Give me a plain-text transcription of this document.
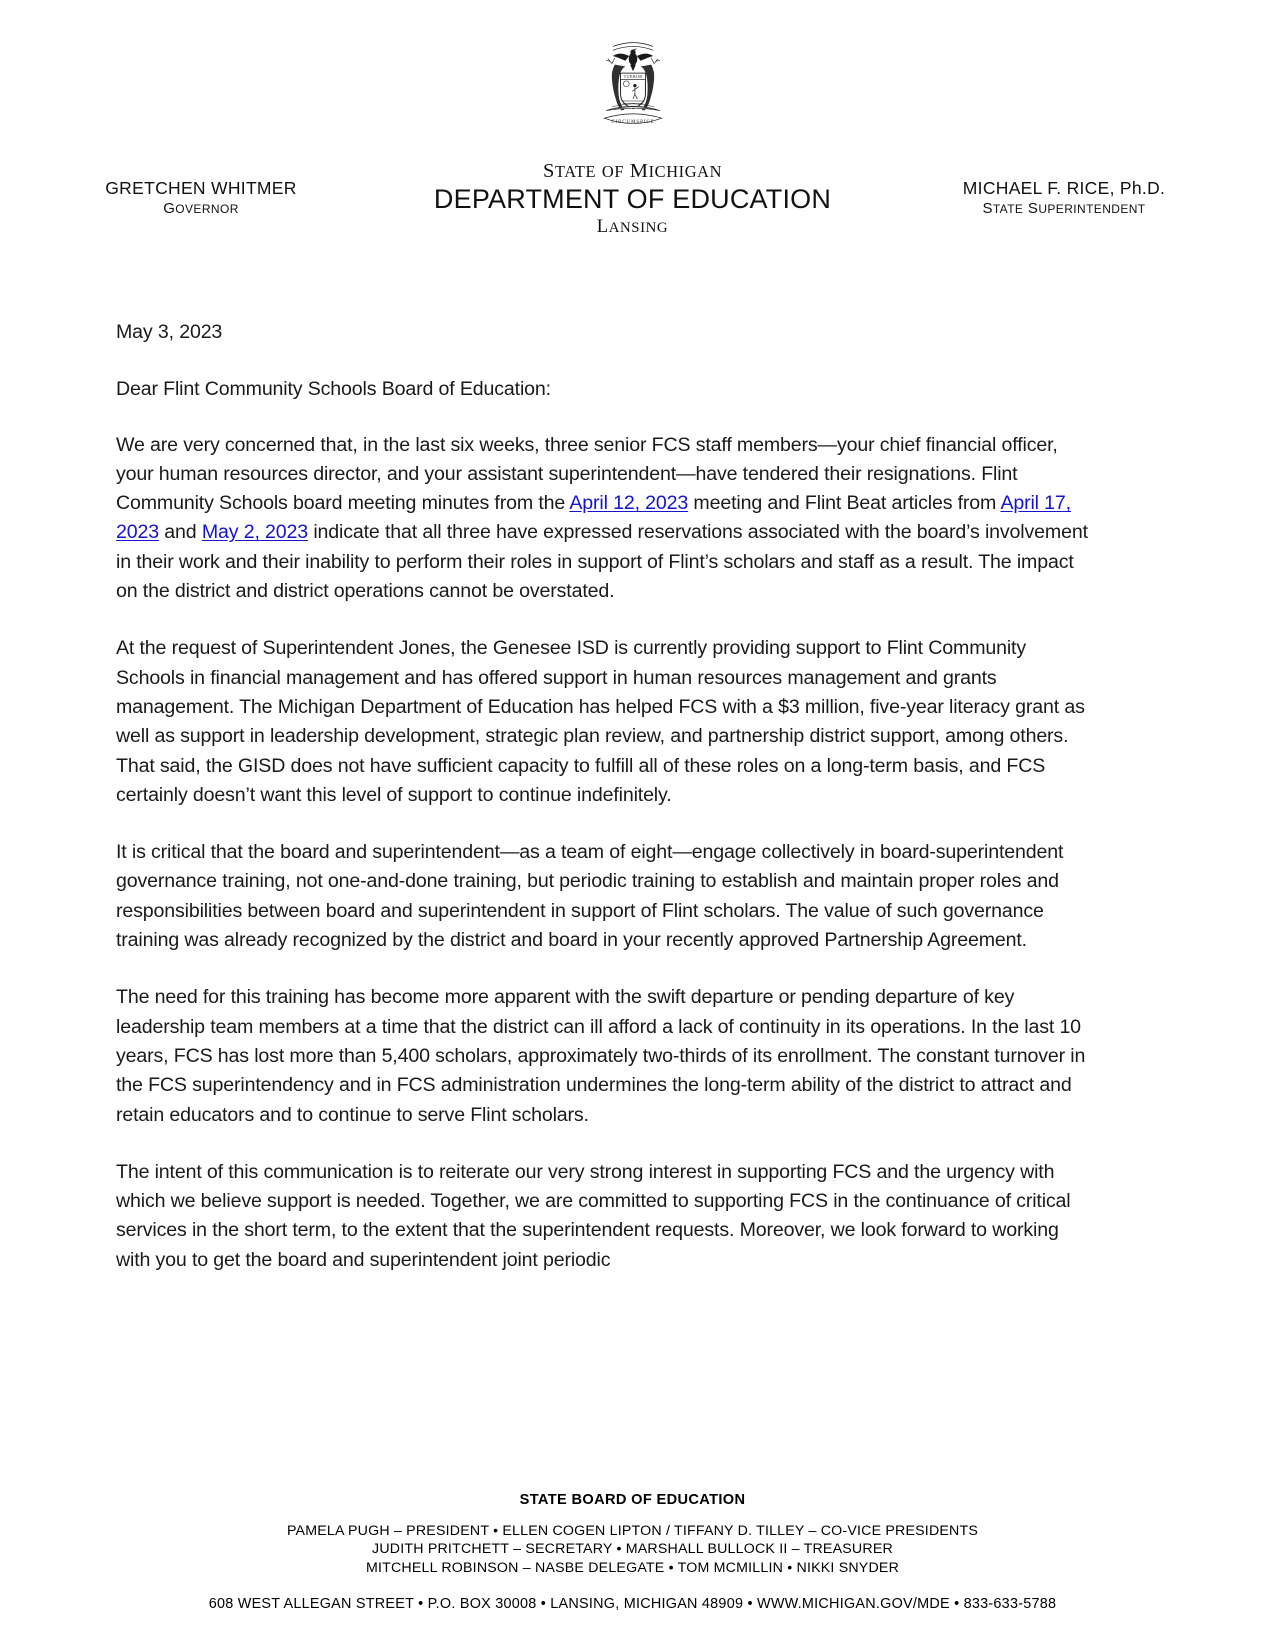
TUEBOR
CIRCUMSPICE
STATE OF MICHIGAN
DEPARTMENT OF EDUCATION
LANSING
GRETCHEN WHITMER
GOVERNOR
MICHAEL F. RICE, Ph.D.
STATE SUPERINTENDENT

May 3, 2023

Dear Flint Community Schools Board of Education:

We are very concerned that, in the last six weeks, three senior FCS staff members—your chief financial officer, your human resources director, and your assistant superintendent—have tendered their resignations. Flint Community Schools board meeting minutes from the April 12, 2023 meeting and Flint Beat articles from April 17, 2023 and May 2, 2023 indicate that all three have expressed reservations associated with the board’s involvement in their work and their inability to perform their roles in support of Flint’s scholars and staff as a result. The impact on the district and district operations cannot be overstated.

At the request of Superintendent Jones, the Genesee ISD is currently providing support to Flint Community Schools in financial management and has offered support in human resources management and grants management. The Michigan Department of Education has helped FCS with a $3 million, five-year literacy grant as well as support in leadership development, strategic plan review, and partnership district support, among others. That said, the GISD does not have sufficient capacity to fulfill all of these roles on a long-term basis, and FCS certainly doesn’t want this level of support to continue indefinitely.

It is critical that the board and superintendent—as a team of eight—engage collectively in board-superintendent governance training, not one-and-done training, but periodic training to establish and maintain proper roles and responsibilities between board and superintendent in support of Flint scholars. The value of such governance training was already recognized by the district and board in your recently approved Partnership Agreement.

The need for this training has become more apparent with the swift departure or pending departure of key leadership team members at a time that the district can ill afford a lack of continuity in its operations. In the last 10 years, FCS has lost more than 5,400 scholars, approximately two-thirds of its enrollment. The constant turnover in the FCS superintendency and in FCS administration undermines the long-term ability of the district to attract and retain educators and to continue to serve Flint scholars.

The intent of this communication is to reiterate our very strong interest in supporting FCS and the urgency with which we believe support is needed. Together, we are committed to supporting FCS in the continuance of critical services in the short term, to the extent that the superintendent requests. Moreover, we look forward to working with you to get the board and superintendent joint periodic

STATE BOARD OF EDUCATION
PAMELA PUGH – PRESIDENT • ELLEN COGEN LIPTON / TIFFANY D. TILLEY – CO-VICE PRESIDENTS
JUDITH PRITCHETT – SECRETARY • MARSHALL BULLOCK II – TREASURER
MITCHELL ROBINSON – NASBE DELEGATE • TOM MCMILLIN • NIKKI SNYDER
608 WEST ALLEGAN STREET • P.O. BOX 30008 • LANSING, MICHIGAN 48909 • WWW.MICHIGAN.GOV/MDE • 833-633-5788
